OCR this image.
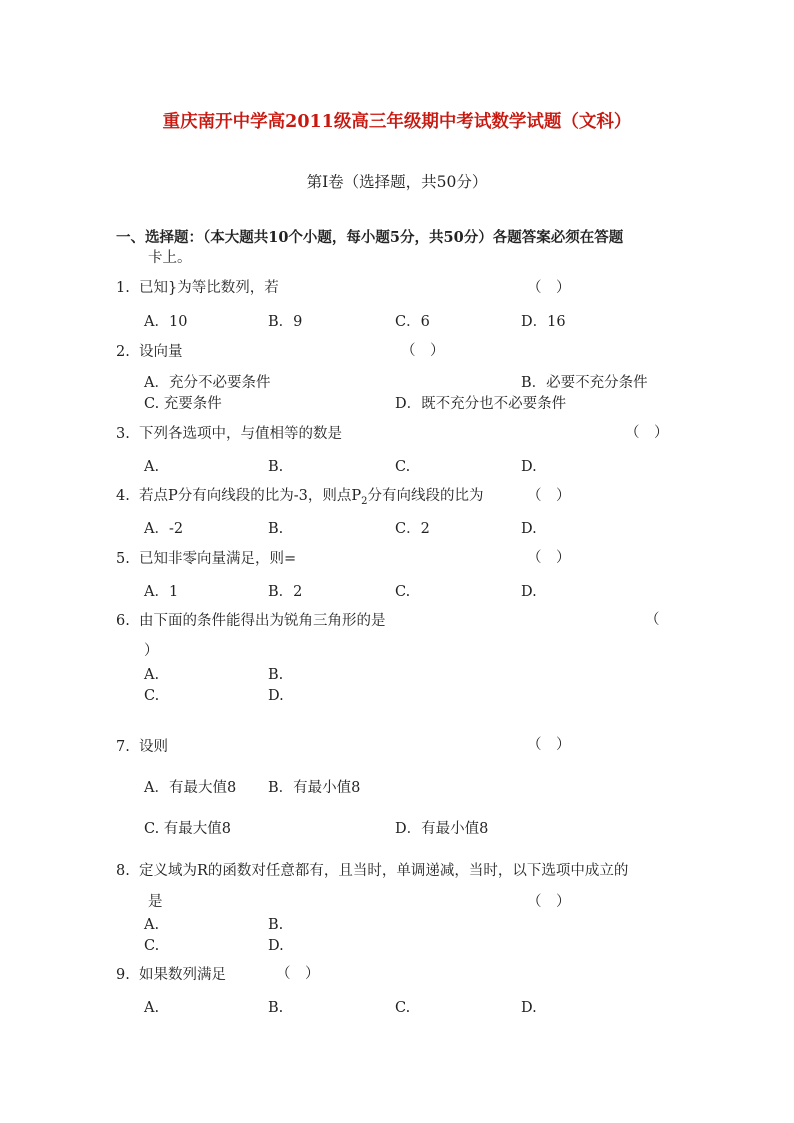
重庆南开中学高2011级高三年级期中考试数学试题（文科）
第Ⅰ卷（选择题，共50分）
一、选择题：（本大题共10个小题，每小题5分，共50分）各题答案必须在答题
卡上。
1. 已知}为等比数列，若	（　）
A．10	B．9	C．6	D．16
2. 设向量	（　）
A．充分不必要条件	B．必要不充分条件
C. 充要条件	D．既不充分也不必要条件
3. 下列各选项中，与值相等的数是	（　）
A.	B.	C.	D.
4. 若点P分有向线段的比为-3，则点$P_2$分有向线段的比为	（　）
A．-2	B.	C．2	D.
5. 已知非零向量满足，则=	（　）
A．1	B．2	C.	D.
6. 由下面的条件能得出为锐角三角形的是	（
）
A.	B.
C.	D.
7. 设则	（　）
A．有最大值8 B．有最小值8
C. 有最大值8	D．有最小值8
8. 定义域为R的函数对任意都有，且当时，单调递减，当时，以下选项中成立的
是	（　）
A.	B.
C.	D.
9. 如果数列满足	（　）
A.	B.	C.	D.
